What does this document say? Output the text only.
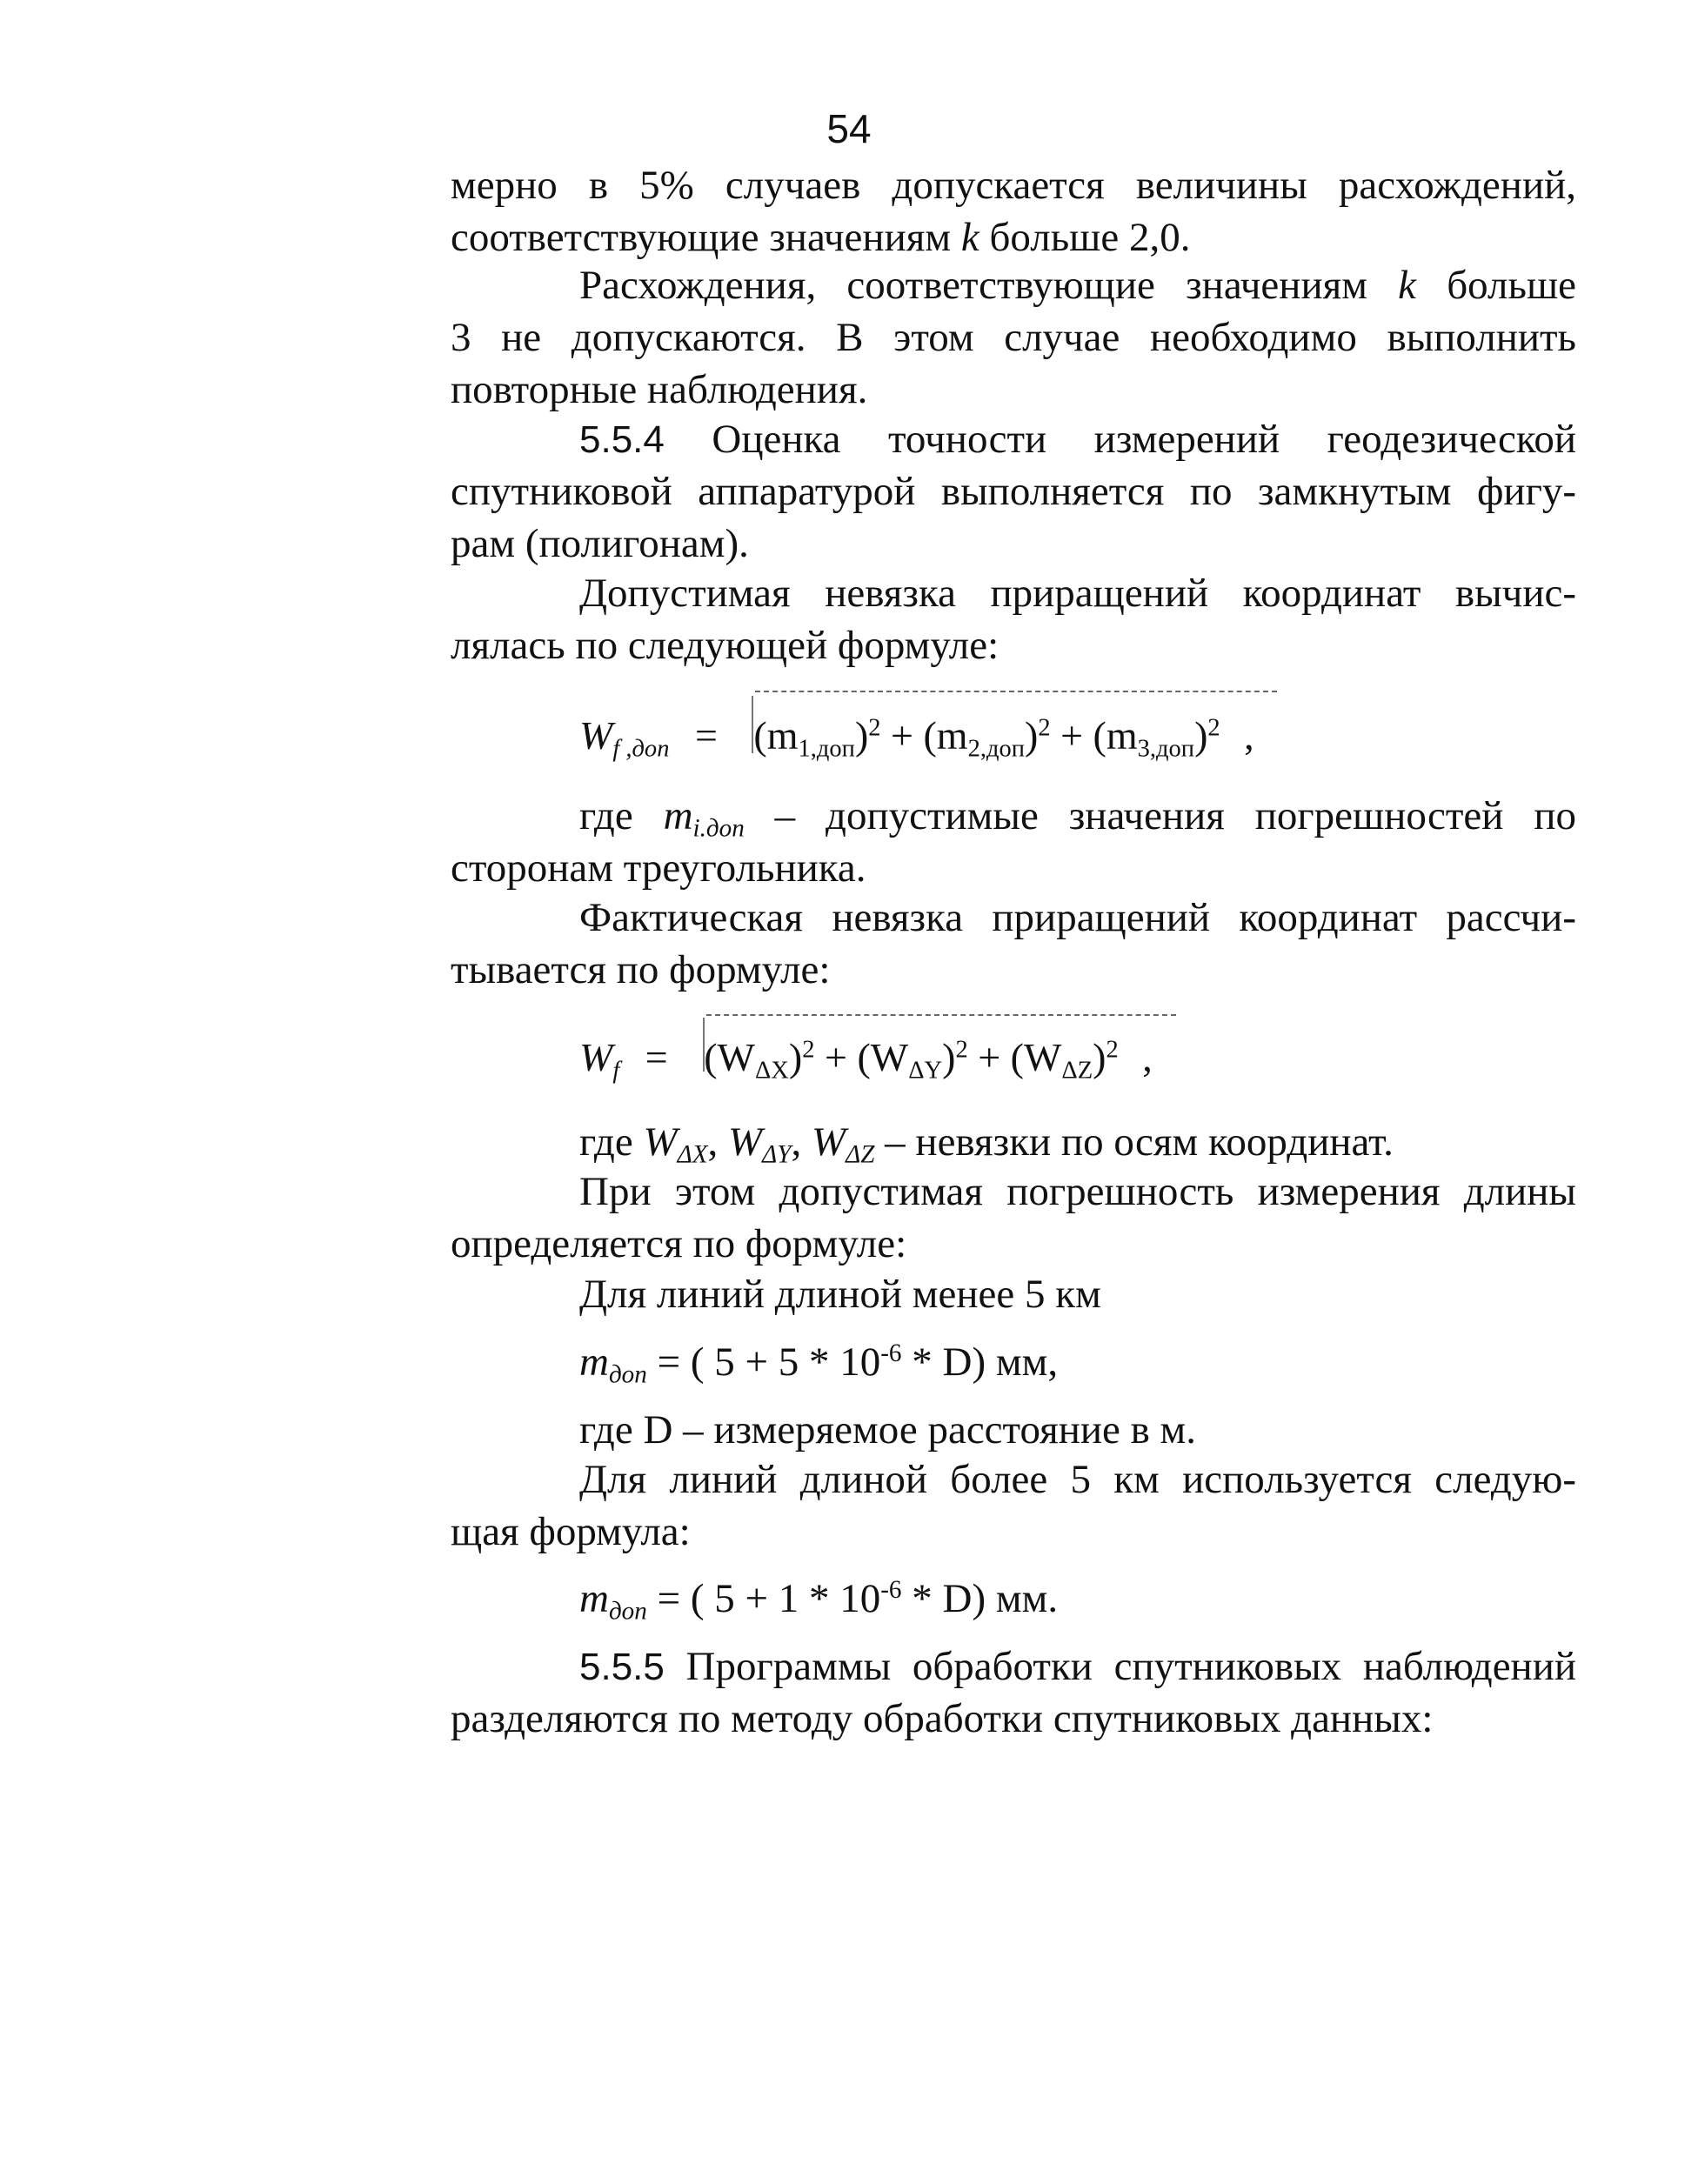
54
мерно в 5% случаев допускается величины расхождений,
соответствующие значениям k больше 2,0.
Расхождения, соответствующие значениям k больше
3 не допускаются. В этом случае необходимо выполнить
повторные наблюдения.
5.5.4 Оценка точности измерений геодезической
спутниковой аппаратурой выполняется по замкнутым фигу-
рам (полигонам).
Допустимая невязка приращений координат вычис-
лялась по следующей формуле:
$W_{f ,доп} = (m_{1,доп})^2 + (m_{2,доп})^2 + (m_{3,доп})^2$ ,
где $m_{i.доп}$ – допустимые значения погрешностей по
сторонам треугольника.
Фактическая невязка приращений координат рассчи-
тывается по формуле:
$W_f = (W_{\Delta X})^2 + (W_{\Delta Y})^2 + (W_{\Delta Z})^2$ ,
где $W_{\Delta X}$, $W_{\Delta Y}$, $W_{\Delta Z}$ – невязки по осям координат.
При этом допустимая погрешность измерения длины
определяется по формуле:
Для линий длиной менее 5 км
$m_{доп}$ = ( $5 + 5 * 10^{-6} * D$) мм,
где D – измеряемое расстояние в м.
Для линий длиной более 5 км используется следую-
щая формула:
$m_{доп}$ = ( $5 + 1 * 10^{-6} * D$) мм.
5.5.5 Программы обработки спутниковых наблюдений
разделяются по методу обработки спутниковых данных:
